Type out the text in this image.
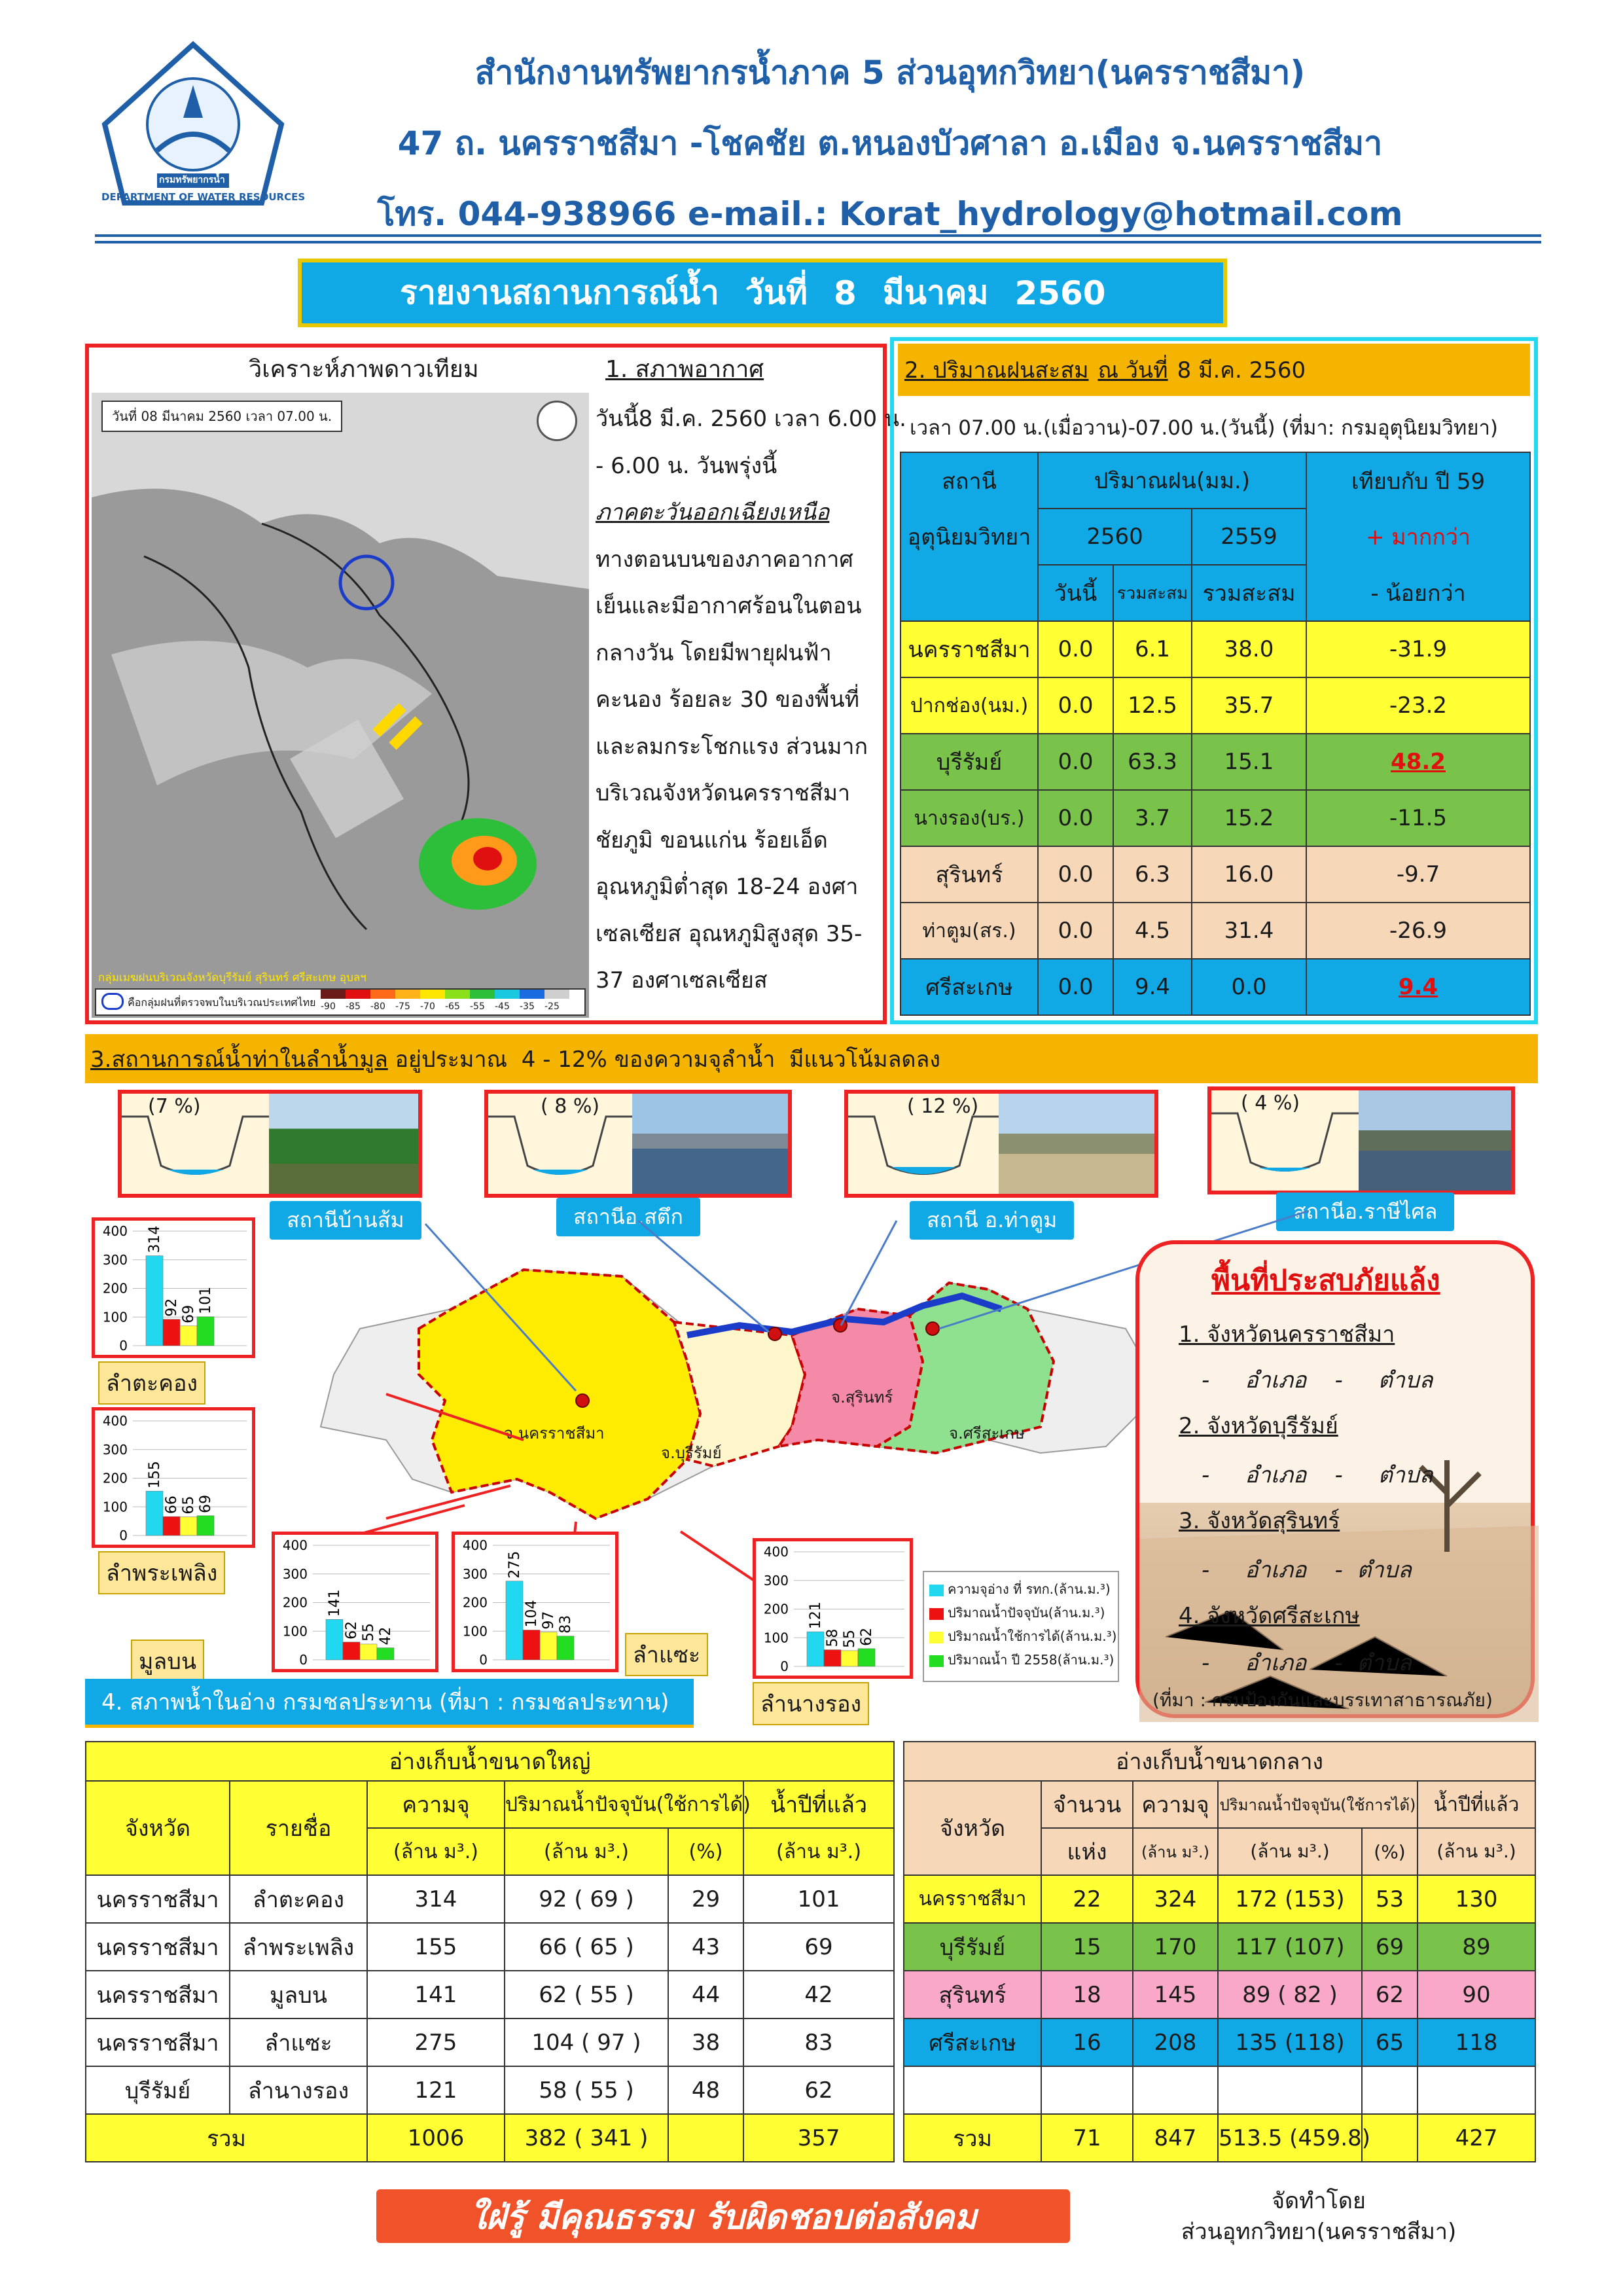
กรมทรัพยากรน้ำ
DEPARTMENT OF WATER RESOURCES
สำนักงานทรัพยากรน้ำภาค 5 ส่วนอุทกวิทยา(นครราชสีมา)
47 ถ. นครราชสีมา -โชคชัย ต.หนองบัวศาลา อ.เมือง จ.นครราชสีมา
โทร. 044-938966 e-mail.: Korat_hydrology@hotmail.com
รายงานสถานการณ์น้ำ วันที่ 8 มีนาคม 2560
วิเคราะห์ภาพดาวเทียม	1. สภาพอากาศ
วันที่ 08 มีนาคม 2560 เวลา 07.00 น.
กลุ่มเมฆฝนบริเวณจังหวัดบุรีรัมย์ สุรินทร์ ศรีสะเกษ อุบลฯ
คือกลุ่มฝนที่ตรวจพบในบริเวณประเทศไทย -90	-85	-80	-75	-70	-65	-55	-45	-35	-25
วันนี้8 มี.ค. 2560 เวลา 6.00 น.
- 6.00 น. วันพรุ่งนี้
ภาคตะวันออกเฉียงเหนือ
ทางตอนบนของภาคอากาศ
เย็นและมีอากาศร้อนในตอน
กลางวัน โดยมีพายุฝนฟ้า
คะนอง ร้อยละ 30 ของพื้นที่
และลมกระโชกแรง ส่วนมาก
บริเวณจังหวัดนครราชสีมา
ชัยภูมิ ขอนแก่น ร้อยเอ็ด
อุณหภูมิต่ำสุด 18-24 องศา
เซลเซียส อุณหภูมิสูงสุด 35-
37 องศาเซลเซียส
2. ปริมาณฝนสะสม ณ วันที่ 8 มี.ค. 2560
เวลา 07.00 น.(เมื่อวาน)-07.00 น.(วันนี้) (ที่มา: กรมอุตุนิยมวิทยา)
สถานี	ปริมาณฝน(มม.)			เทียบกับ ปี 59
อุตุนิยมวิทยา	2560		2559	+ มากกว่า
	วันนี้	รวมสะสม	รวมสะสม	- น้อยกว่า
นครราชสีมา	0.0	6.1	38.0	-31.9
ปากช่อง(นม.)	0.0	12.5	35.7	-23.2
บุรีรัมย์	0.0	63.3	15.1	48.2
นางรอง(บร.)	0.0	3.7	15.2	-11.5
สุรินทร์	0.0	6.3	16.0	-9.7
ท่าตูม(สร.)	0.0	4.5	31.4	-26.9
ศรีสะเกษ	0.0	9.4	0.0	9.4
3.สถานการณ์น้ำท่าในลำน้ำมูล อยู่ประมาณ  4 - 12% ของความจุลำน้ำ  มีแนวโน้มลดลง
(7 %)
สถานีบ้านส้ม
( 8 %)
สถานีอ.สตึก
( 12 %)
สถานี อ.ท่าตูม
( 4 %)
สถานีอ.ราษีไศล
จ.นครราชสีมา
จ.บุรีรัมย์
จ.สุรินทร์
จ.ศรีสะเกษ
400
300
200
100
0
314
92 69 101
ลำตะคอง
400
300
200
100
0
155
66 65 69
ลำพระเพลิง
400
300
200
100
0
141
62 55 42
มูลบน
400
300
200
100
0
275
104 97 83
ลำแซะ
400
300
200
100
0
121
58 55 62
ลำนางรอง
ความจุอ่าง ที่ รทก.(ล้าน.ม.³)
ปริมาณน้ำปัจจุบัน(ล้าน.ม.³)
ปริมาณน้ำใช้การได้(ล้าน.ม.³)
ปริมาณน้ำ ปี 2558(ล้าน.ม.³)
พื้นที่ประสบภัยแล้ง
1. จังหวัดนครราชสีมา
-     อำเภอ    -     ตำบล
2. จังหวัดบุรีรัมย์
-     อำเภอ    -     ตำบล
3. จังหวัดสุรินทร์
-     อำเภอ    -  ตำบล
4. จังหวัดศรีสะเกษ
-     อำเภอ    -  ตำบล
(ที่มา : กรมป้องกันและบรรเทาสาธารณภัย)
4. สภาพน้ำในอ่าง กรมชลประทาน (ที่มา : กรมชลประทาน)
อ่างเก็บน้ำขนาดใหญ่					
จังหวัด	รายชื่อ	ความจุ	ปริมาณน้ำปัจจุบัน(ใช้การได้)		น้ำปีที่แล้ว
		(ล้าน ม³.)	(ล้าน ม³.)	(%)	(ล้าน ม³.)
นครราชสีมา	ลำตะคอง	314	92 ( 69 )	29	101
นครราชสีมา	ลำพระเพลิง	155	66 ( 65 )	43	69
นครราชสีมา	มูลบน	141	62 ( 55 )	44	42
นครราชสีมา	ลำแซะ	275	104 ( 97 )	38	83
บุรีรัมย์	ลำนางรอง	121	58 ( 55 )	48	62
รวม		1006	382 ( 341 )		357
อ่างเก็บน้ำขนาดกลาง					
จังหวัด	จำนวน	ความจุ	ปริมาณน้ำปัจจุบัน(ใช้การได้)		น้ำปีที่แล้ว
	แห่ง	(ล้าน ม³.)	(ล้าน ม³.)	(%)	(ล้าน ม³.)
นครราชสีมา	22	324	172 (153)	53	130
บุรีรัมย์	15	170	117 (107)	69	89
สุรินทร์	18	145	89 ( 82 )	62	90
ศรีสะเกษ	16	208	135 (118)	65	118

รวม	71	847	513.5 (459.8)		427
ใฝ่รู้ มีคุณธรรม รับผิดชอบต่อสังคม	จัดทำโดย
ส่วนอุทกวิทยา(นครราชสีมา)
